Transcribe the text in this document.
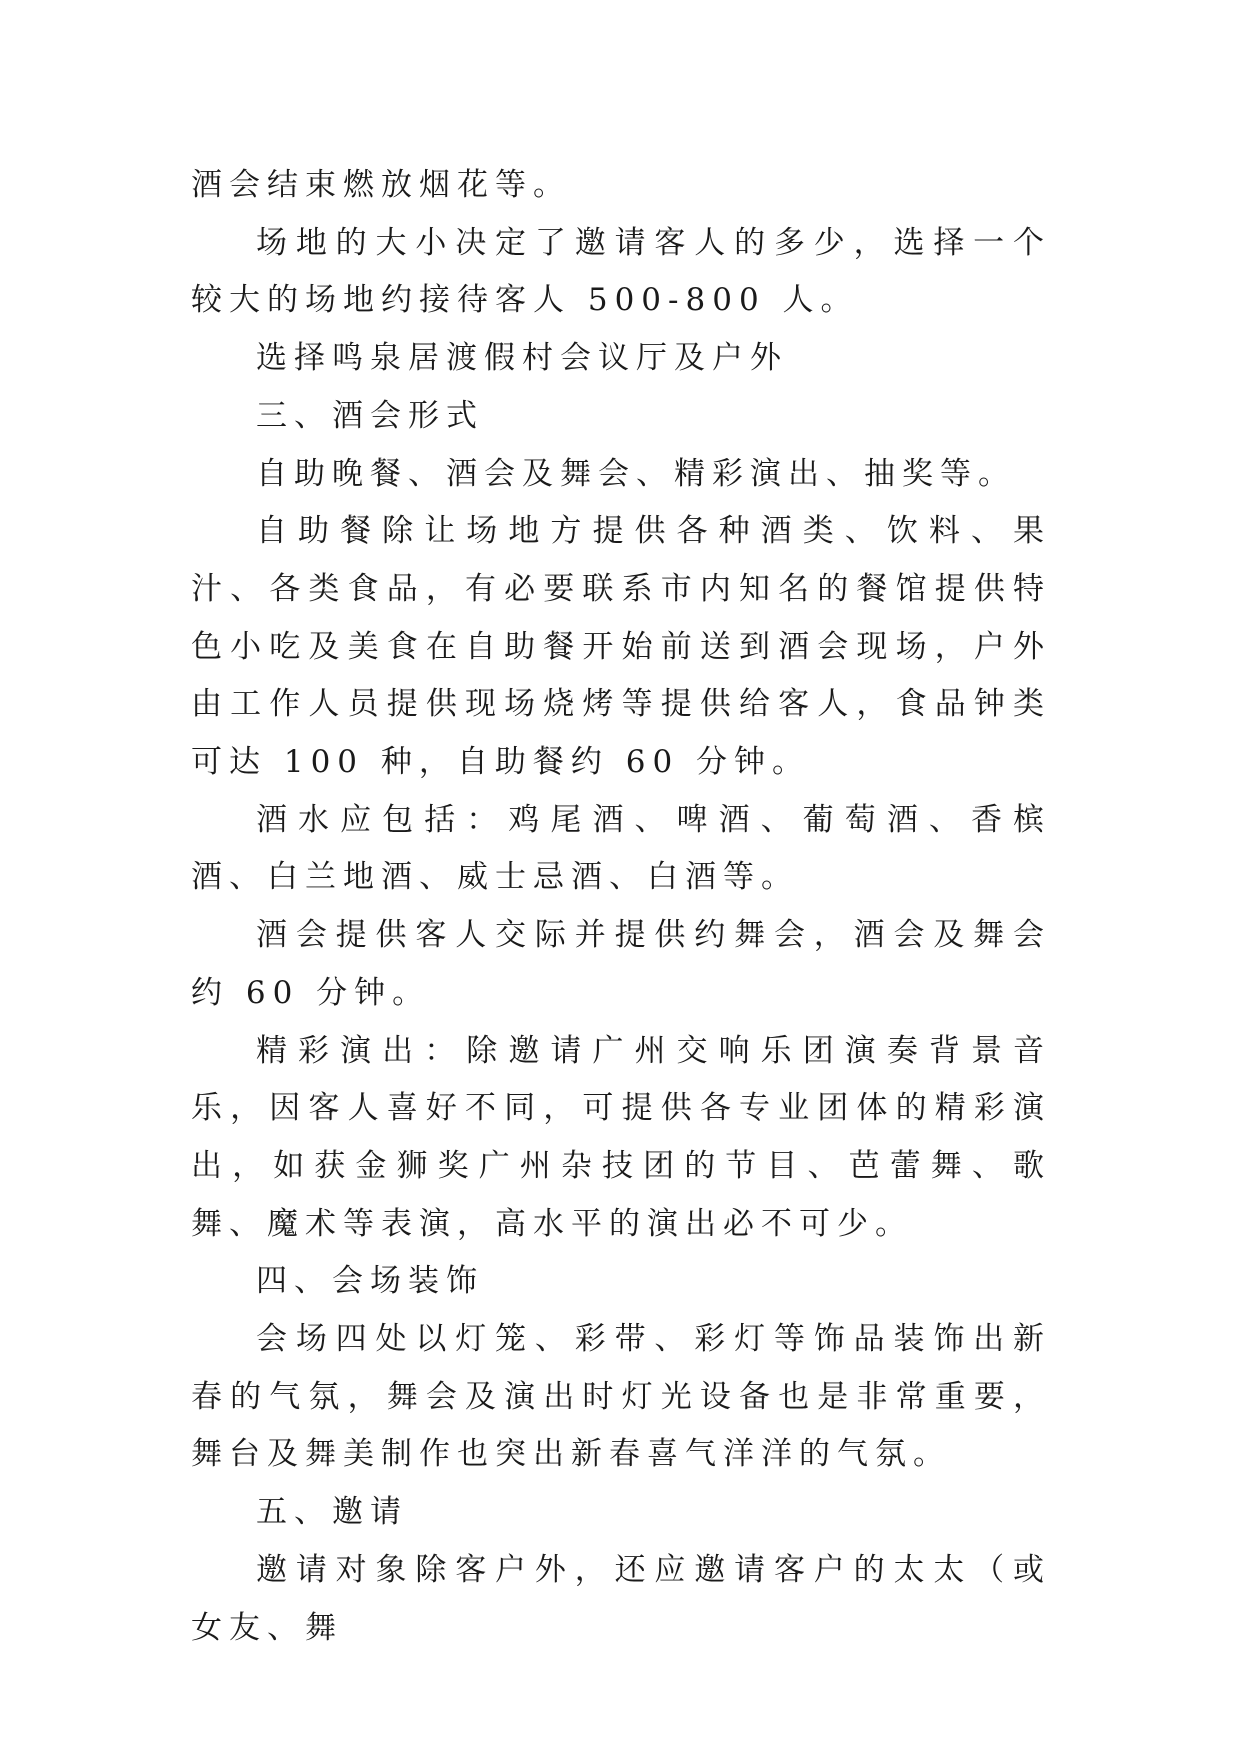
酒会结束燃放烟花等。

场地的大小决定了邀请客人的多少，选择一个较大的场地约接待客人 500-800 人。

选择鸣泉居渡假村会议厅及户外

三、酒会形式

自助晚餐、酒会及舞会、精彩演出、抽奖等。

自助餐除让场地方提供各种酒类、饮料、果汁、各类食品，有必要联系市内知名的餐馆提供特色小吃及美食在自助餐开始前送到酒会现场，户外由工作人员提供现场烧烤等提供给客人，食品钟类可达 100 种，自助餐约 60 分钟。

酒水应包括：鸡尾酒、啤酒、葡萄酒、香槟酒、白兰地酒、威士忌酒、白酒等。

酒会提供客人交际并提供约舞会，酒会及舞会约 60 分钟。

精彩演出：除邀请广州交响乐团演奏背景音乐，因客人喜好不同，可提供各专业团体的精彩演出，如获金狮奖广州杂技团的节目、芭蕾舞、歌舞、魔术等表演，高水平的演出必不可少。

四、会场装饰

会场四处以灯笼、彩带、彩灯等饰品装饰出新春的气氛，舞会及演出时灯光设备也是非常重要，舞台及舞美制作也突出新春喜气洋洋的气氛。

五、邀请

邀请对象除客户外，还应邀请客户的太太（或女友、舞
